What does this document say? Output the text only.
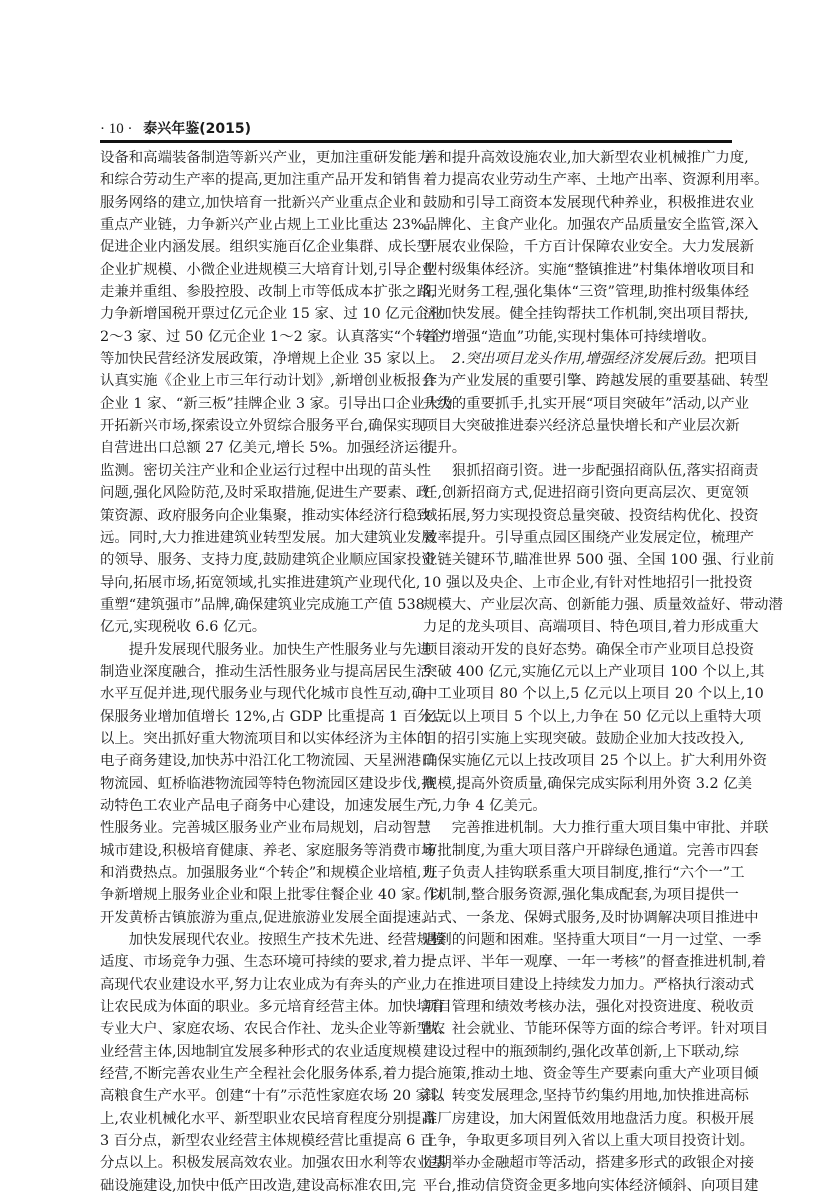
· 10 · 泰兴年鉴(2015)
设备和高端装备制造等新兴产业，更加注重研发能力
和综合劳动生产率的提高,更加注重产品开发和销售
服务网络的建立,加快培育一批新兴产业重点企业和
重点产业链，力争新兴产业占规上工业比重达 23%。
促进企业内涵发展。组织实施百亿企业集群、成长型
企业扩规模、小微企业进规模三大培育计划,引导企业
走兼并重组、参股控股、改制上市等低成本扩张之路,
力争新增国税开票过亿元企业 15 家、过 10 亿元企业
2～3 家、过 50 亿元企业 1～2 家。认真落实“个转企”
等加快民营经济发展政策，净增规上企业 35 家以上。
认真实施《企业上市三年行动计划》,新增创业板报会
企业 1 家、“新三板”挂牌企业 3 家。引导出口企业大力
开拓新兴市场,探索设立外贸综合服务平台,确保实现
自营进出口总额 27 亿美元,增长 5%。加强经济运行
监测。密切关注产业和企业运行过程中出现的苗头性
问题,强化风险防范,及时采取措施,促进生产要素、政
策资源、政府服务向企业集聚，推动实体经济行稳致
远。同时,大力推进建筑业转型发展。加大建筑业发展
的领导、服务、支持力度,鼓励建筑企业顺应国家投资
导向,拓展市场,拓宽领域,扎实推进建筑产业现代化,
重塑“建筑强市”品牌,确保建筑业完成施工产值 538
亿元,实现税收 6.6 亿元。
提升发展现代服务业。加快生产性服务业与先进
制造业深度融合，推动生活性服务业与提高居民生活
水平互促并进,现代服务业与现代化城市良性互动,确
保服务业增加值增长 12%,占 GDP 比重提高 1 百分点
以上。突出抓好重大物流项目和以实体经济为主体的
电子商务建设,加快苏中沿江化工物流园、天星洲港口
物流园、虹桥临港物流园等特色物流园区建设步伐,推
动特色工农业产品电子商务中心建设，加速发展生产
性服务业。完善城区服务业产业布局规划，启动智慧
城市建设,积极培育健康、养老、家庭服务等消费市场
和消费热点。加强服务业“个转企”和规模企业培植,力
争新增规上服务业企业和限上批零住餐企业 40 家。以
开发黄桥古镇旅游为重点,促进旅游业发展全面提速。
加快发展现代农业。按照生产技术先进、经营规模
适度、市场竞争力强、生态环境可持续的要求,着力提
高现代农业建设水平,努力让农业成为有奔头的产业,
让农民成为体面的职业。多元培育经营主体。加快培育
专业大户、家庭农场、农民合作社、龙头企业等新型农
业经营主体,因地制宜发展多种形式的农业适度规模
经营,不断完善农业生产全程社会化服务体系,着力提
高粮食生产水平。创建“十有”示范性家庭农场 20 家以
上,农业机械化水平、新型职业农民培育程度分别提高
3 百分点，新型农业经营主体规模经营比重提高 6 百
分点以上。积极发展高效农业。加强农田水利等农业基
础设施建设,加快中低产田改造,建设高标准农田,完
善和提升高效设施农业,加大新型农业机械推广力度,
着力提高农业劳动生产率、土地产出率、资源利用率。
鼓励和引导工商资本发展现代种养业，积极推进农业
品牌化、主食产业化。加强农产品质量安全监管,深入
开展农业保险，千方百计保障农业安全。大力发展新
型村级集体经济。实施“整镇推进”村集体增收项目和
阳光财务工程,强化集体“三资”管理,助推村级集体经
济加快发展。健全挂钩帮扶工作机制,突出项目帮扶,
着力增强“造血”功能,实现村集体可持续增收。
2.突出项目龙头作用,增强经济发展后劲。把项目
作为产业发展的重要引擎、跨越发展的重要基础、转型
升级的重要抓手,扎实开展“项目突破年”活动,以产业
项目大突破推进泰兴经济总量快增长和产业层次新
提升。
狠抓招商引资。进一步配强招商队伍,落实招商责
任,创新招商方式,促进招商引资向更高层次、更宽领
域拓展,努力实现投资总量突破、投资结构优化、投资
效率提升。引导重点园区围绕产业发展定位，梳理产
业链关键环节,瞄准世界 500 强、全国 100 强、行业前
10 强以及央企、上市企业,有针对性地招引一批投资
规模大、产业层次高、创新能力强、质量效益好、带动潜
力足的龙头项目、高端项目、特色项目,着力形成重大
项目滚动开发的良好态势。确保全市产业项目总投资
突破 400 亿元,实施亿元以上产业项目 100 个以上,其
中工业项目 80 个以上,5 亿元以上项目 20 个以上,10
亿元以上项目 5 个以上,力争在 50 亿元以上重特大项
目的招引实施上实现突破。鼓励企业加大技改投入,
确保实施亿元以上技改项目 25 个以上。扩大利用外资
规模,提高外资质量,确保完成实际利用外资 3.2 亿美
元,力争 4 亿美元。
完善推进机制。大力推行重大项目集中审批、并联
审批制度,为重大项目落户开辟绿色通道。完善市四套
班子负责人挂钩联系重大项目制度,推行“六个一”工
作机制,整合服务资源,强化集成配套,为项目提供一
站式、一条龙、保姆式服务,及时协调解决项目推进中
遇到的问题和困难。坚持重大项目“一月一过堂、一季
一点评、半年一观摩、一年一考核”的督查推进机制,着
力在推进项目建设上持续发力加力。严格执行滚动式
项目管理和绩效考核办法，强化对投资进度、税收贡
献、社会就业、节能环保等方面的综合考评。针对项目
建设过程中的瓶颈制约,强化改革创新,上下联动,综
合施策,推动土地、资金等生产要素向重大产业项目倾
斜。转变发展理念,坚持节约集约用地,加快推进高标
准厂房建设，加大闲置低效用地盘活力度。积极开展
上争，争取更多项目列入省以上重大项目投资计划。
定期举办金融超市等活动，搭建多形式的政银企对接
平台,推动信贷资金更多地向实体经济倾斜、向项目建
